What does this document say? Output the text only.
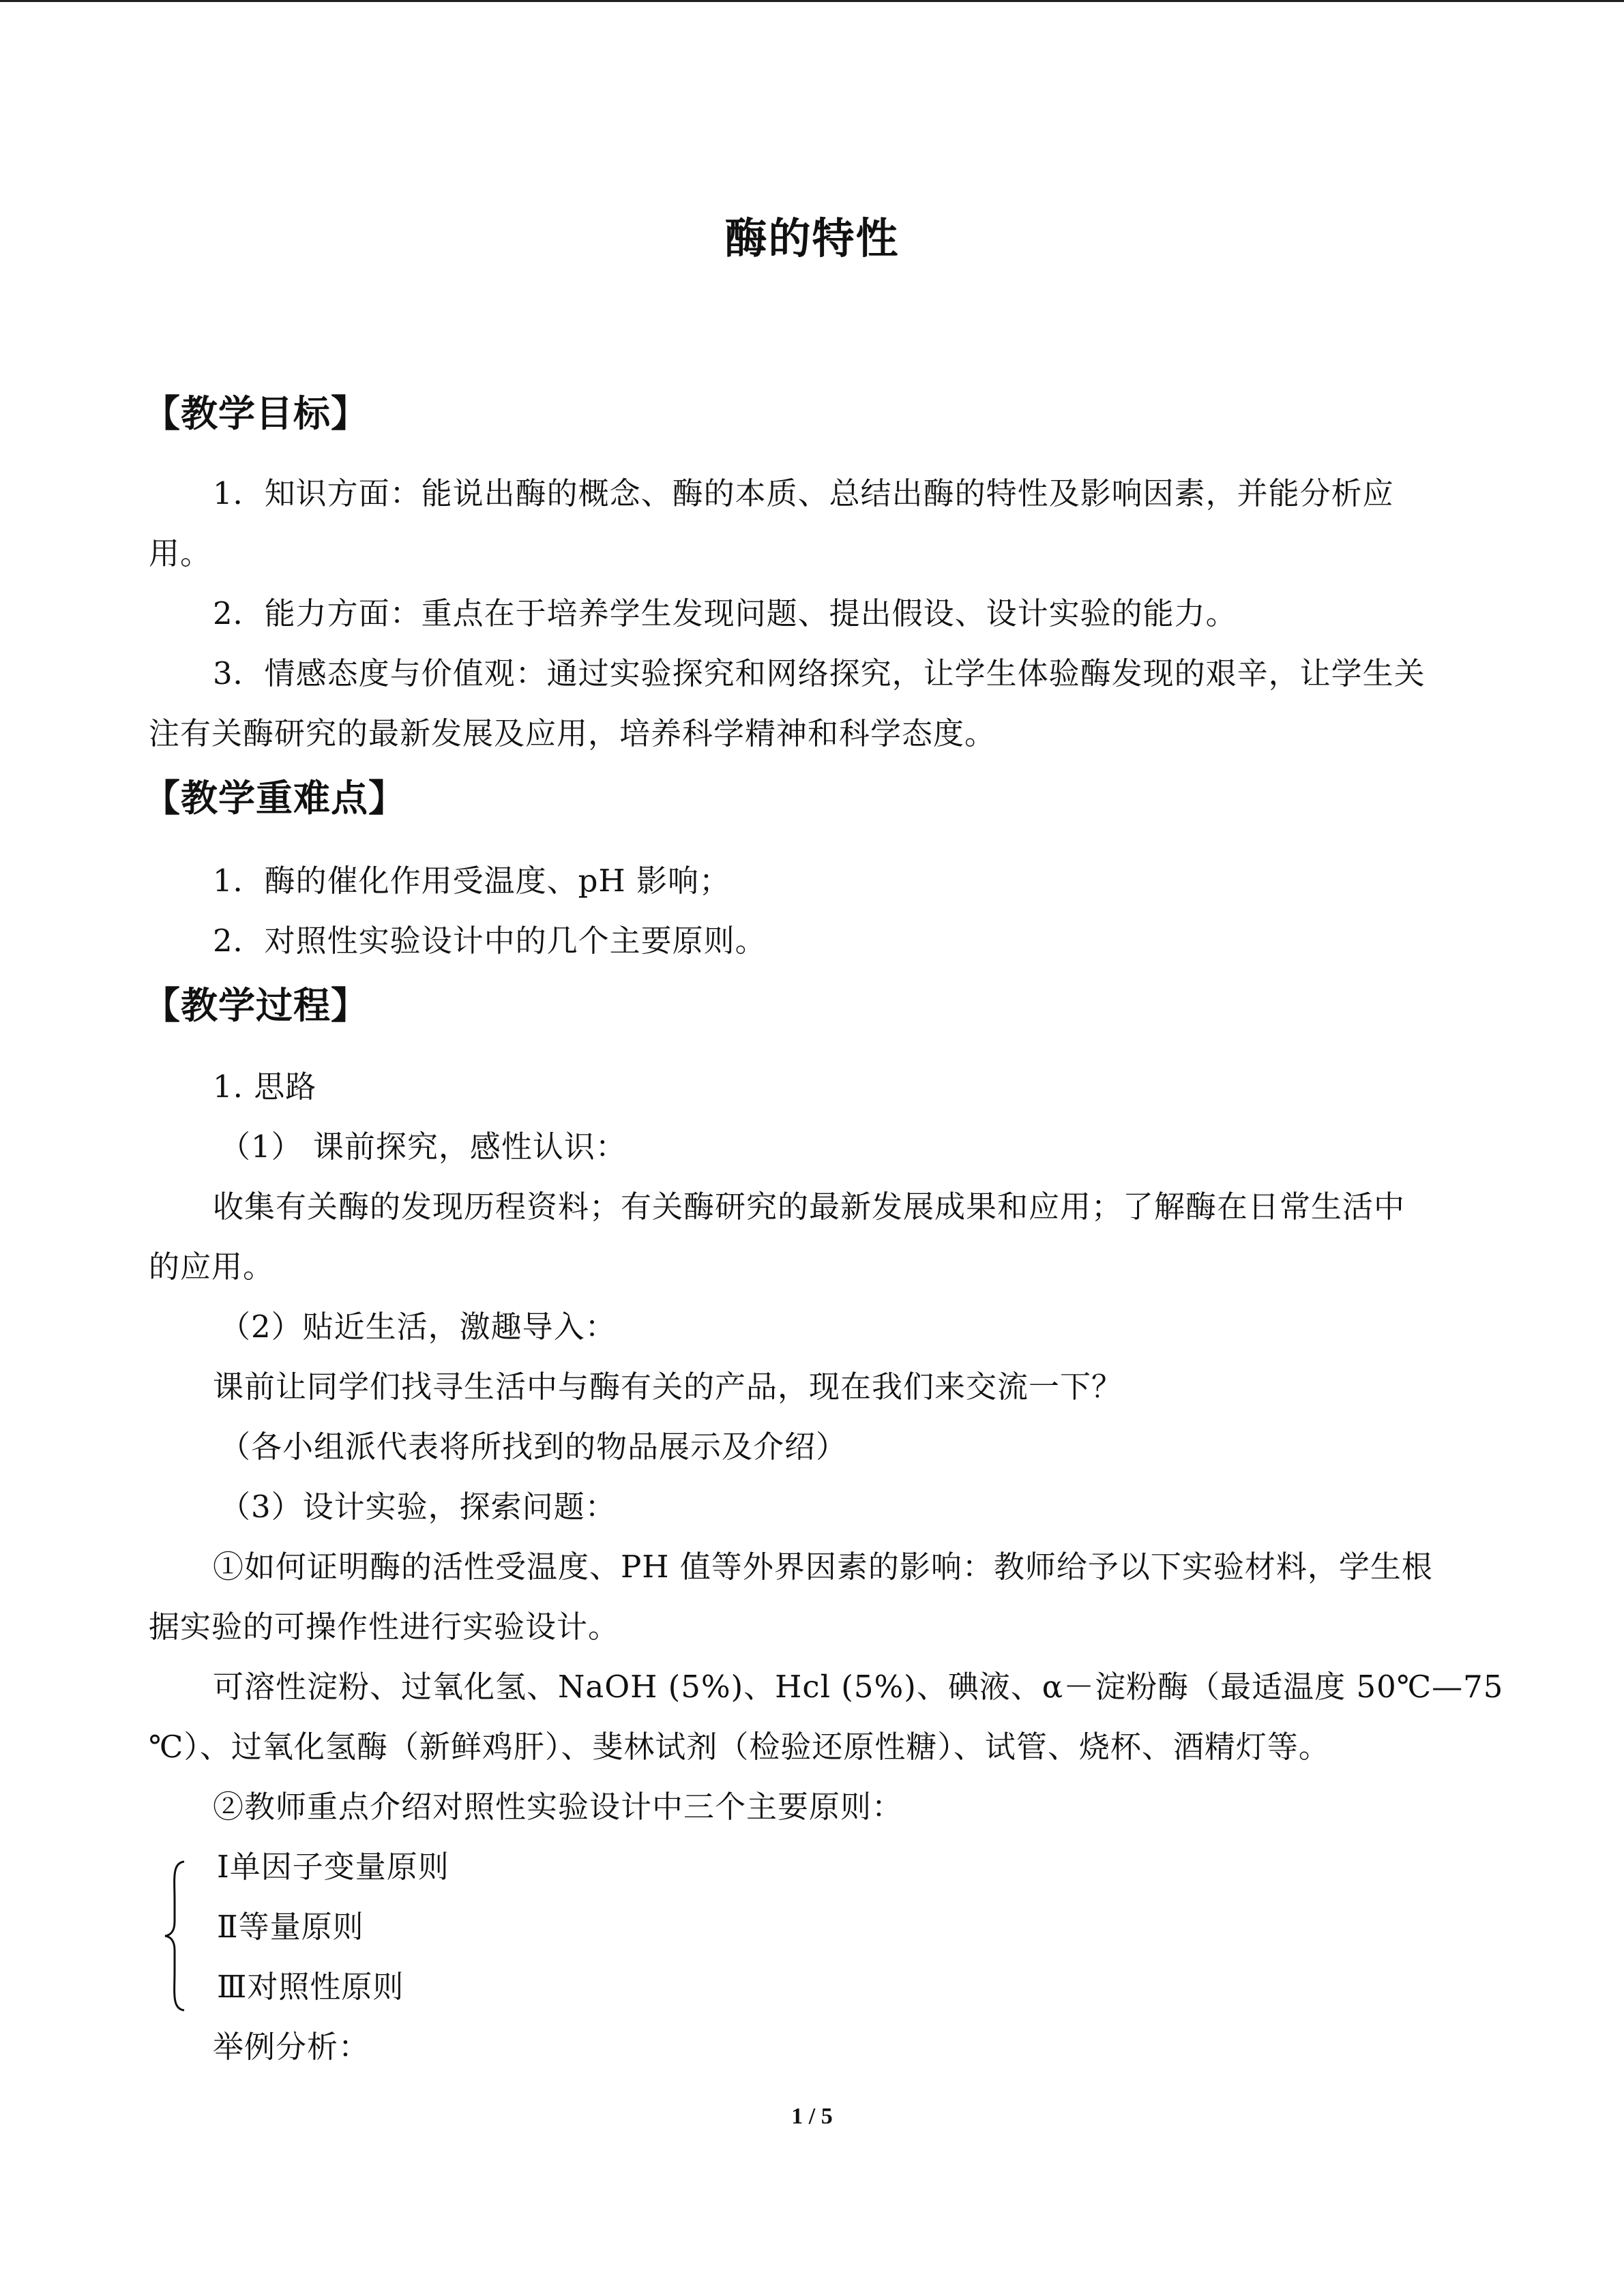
酶的特性
【教学目标】
1．知识方面：能说出酶的概念、酶的本质、总结出酶的特性及影响因素，并能分析应
用。
2．能力方面：重点在于培养学生发现问题、提出假设、设计实验的能力。
3．情感态度与价值观：通过实验探究和网络探究，让学生体验酶发现的艰辛，让学生关
注有关酶研究的最新发展及应用，培养科学精神和科学态度。
【教学重难点】
1．酶的催化作用受温度、pH 影响；
2．对照性实验设计中的几个主要原则。
【教学过程】
1. 思路
（1） 课前探究，感性认识：
收集有关酶的发现历程资料；有关酶研究的最新发展成果和应用；了解酶在日常生活中
的应用。
（2）贴近生活，激趣导入：
课前让同学们找寻生活中与酶有关的产品，现在我们来交流一下？
（各小组派代表将所找到的物品展示及介绍）
（3）设计实验，探索问题：
①如何证明酶的活性受温度、PH 值等外界因素的影响：教师给予以下实验材料，学生根
据实验的可操作性进行实验设计。
可溶性淀粉、过氧化氢、NaOH (5%)、Hcl (5%)、碘液、α－淀粉酶（最适温度 50℃—75
℃）、过氧化氢酶（新鲜鸡肝）、斐林试剂（检验还原性糖）、试管、烧杯、酒精灯等。
②教师重点介绍对照性实验设计中三个主要原则：
Ⅰ单因子变量原则
Ⅱ等量原则
Ⅲ对照性原则
举例分析：
1 / 5
